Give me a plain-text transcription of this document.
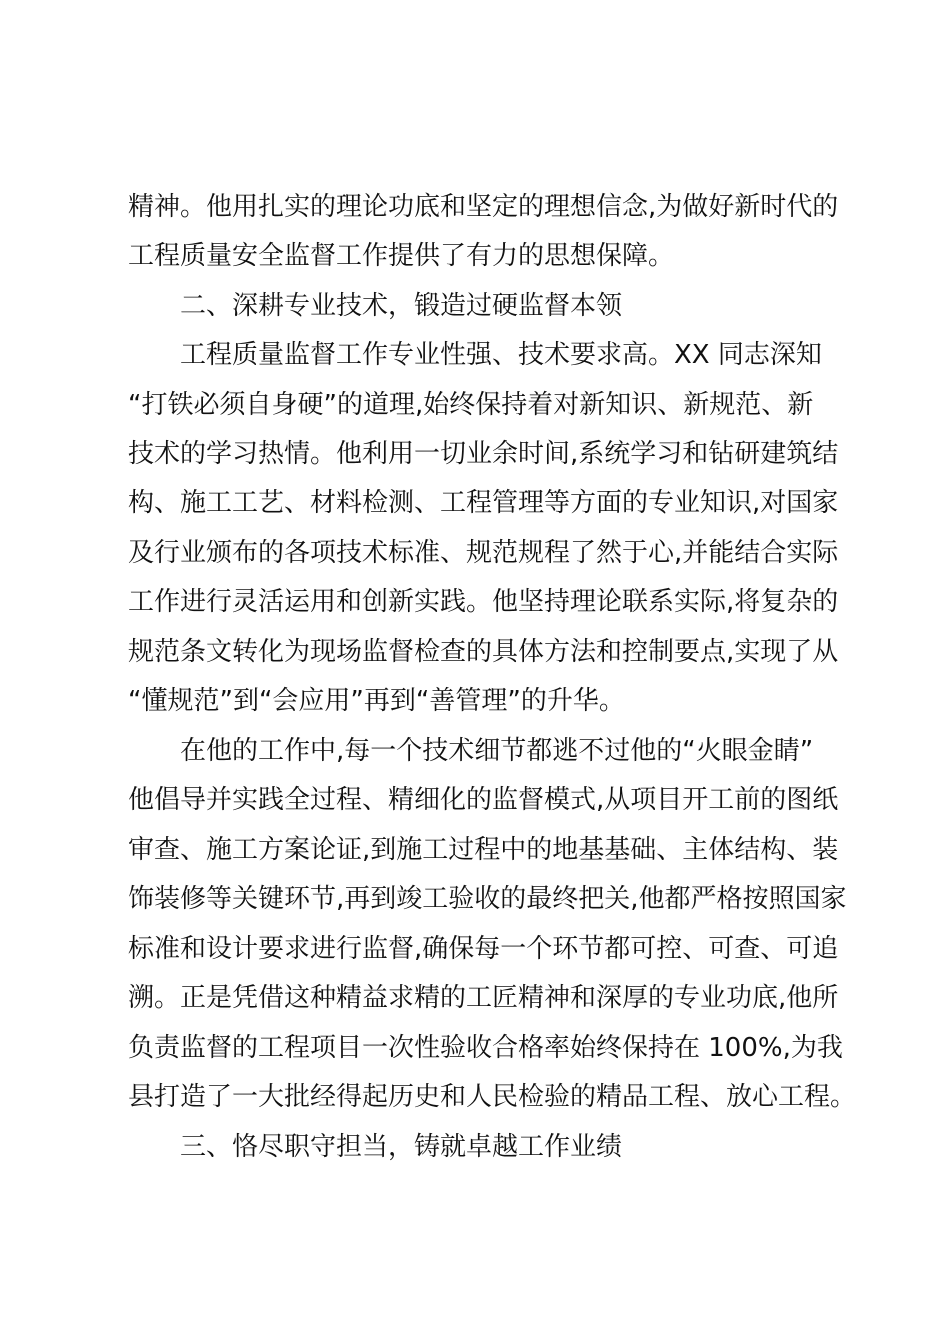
精神。他用扎实的理论功底和坚定的理想信念,为做好新时代的
工程质量安全监督工作提供了有力的思想保障。
二、深耕专业技术，锻造过硬监督本领
工程质量监督工作专业性强、技术要求高。XX 同志深知
“打铁必须自身硬”的道理,始终保持着对新知识、新规范、新
技术的学习热情。他利用一切业余时间,系统学习和钻研建筑结
构、施工工艺、材料检测、工程管理等方面的专业知识,对国家
及行业颁布的各项技术标准、规范规程了然于心,并能结合实际
工作进行灵活运用和创新实践。他坚持理论联系实际,将复杂的
规范条文转化为现场监督检查的具体方法和控制要点,实现了从
“懂规范”到“会应用”再到“善管理”的升华。
在他的工作中,每一个技术细节都逃不过他的“火眼金睛”
他倡导并实践全过程、精细化的监督模式,从项目开工前的图纸
审查、施工方案论证,到施工过程中的地基基础、主体结构、装
饰装修等关键环节,再到竣工验收的最终把关,他都严格按照国家
标准和设计要求进行监督,确保每一个环节都可控、可查、可追
溯。正是凭借这种精益求精的工匠精神和深厚的专业功底,他所
负责监督的工程项目一次性验收合格率始终保持在 100%,为我
县打造了一大批经得起历史和人民检验的精品工程、放心工程。
三、恪尽职守担当，铸就卓越工作业绩
